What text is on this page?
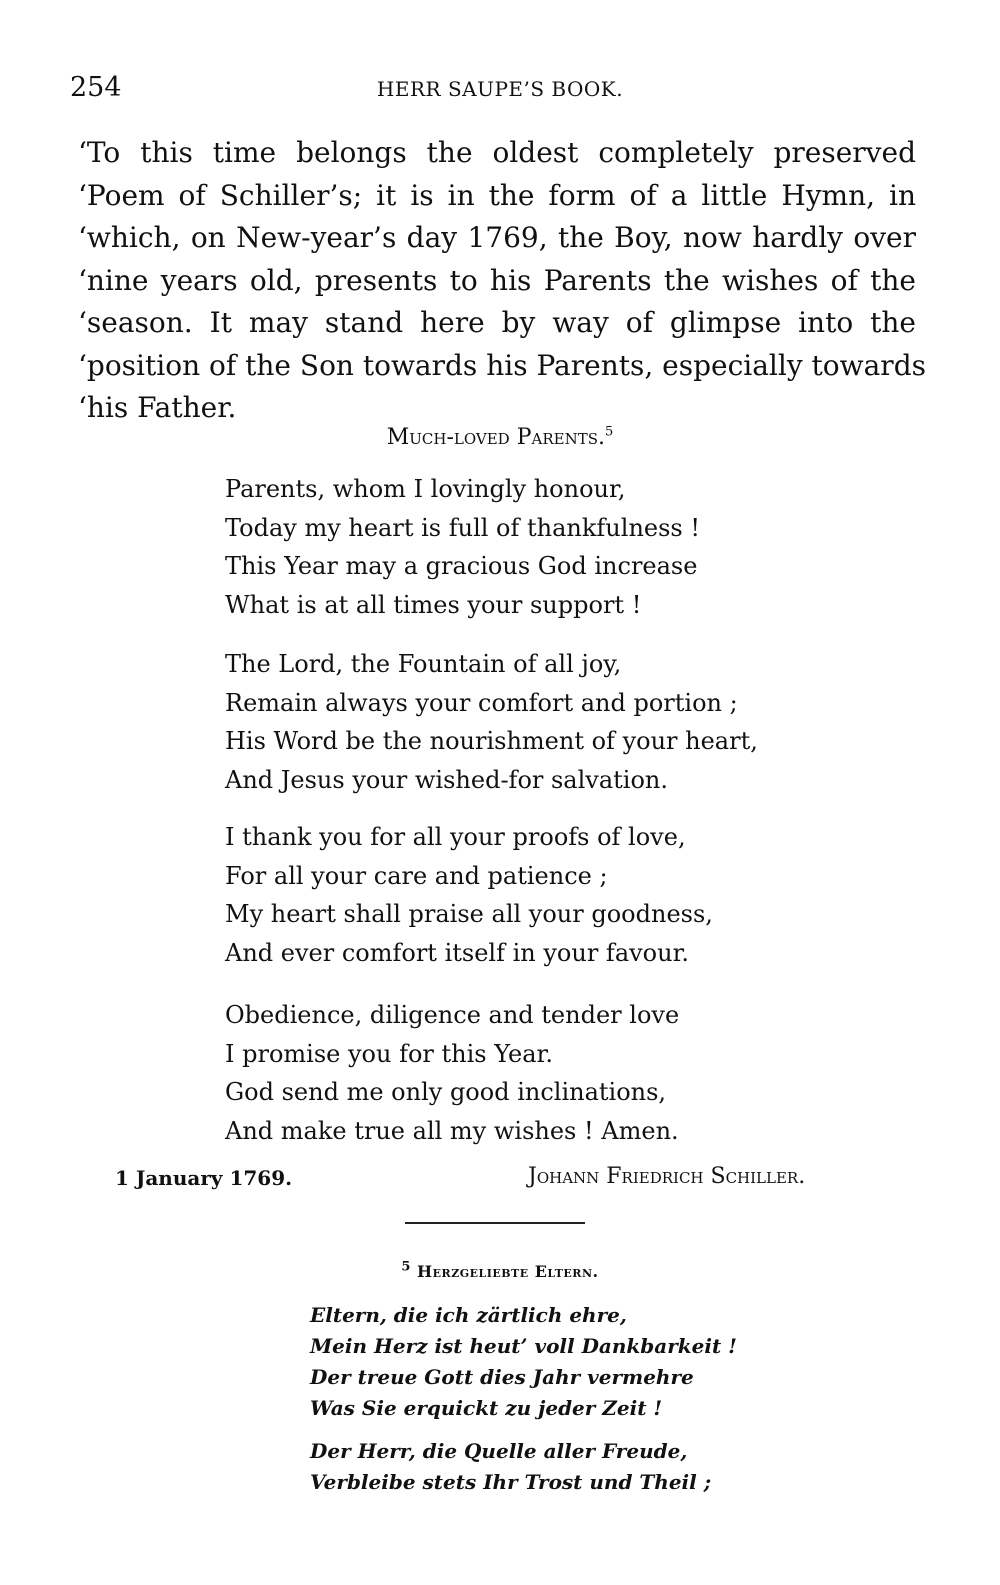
254	HERR SAUPE’S BOOK.
‘To this time belongs the oldest completely preserved
‘Poem of Schiller’s; it is in the form of a little Hymn, in
‘which, on New-year’s day 1769, the Boy, now hardly over
‘nine years old, presents to his Parents the wishes of the
‘season. It may stand here by way of glimpse into the
‘position of the Son towards his Parents, especially towards
‘his Father.
Much-loved Parents.$^5$
Parents, whom I lovingly honour,
Today my heart is full of thankfulness !
This Year may a gracious God increase
What is at all times your support !
The Lord, the Fountain of all joy,
Remain always your comfort and portion ;
His Word be the nourishment of your heart,
And Jesus your wished-for salvation.
I thank you for all your proofs of love,
For all your care and patience ;
My heart shall praise all your goodness,
And ever comfort itself in your favour.
Obedience, diligence and tender love
I promise you for this Year.
God send me only good inclinations,
And make true all my wishes ! Amen.
1 January 1769.	Johann Friedrich Schiller.
$^5$ Herzgeliebte Eltern.
Eltern, die ich zärtlich ehre,
Mein Herz ist heut’ voll Dankbarkeit !
Der treue Gott dies Jahr vermehre
Was Sie erquickt zu jeder Zeit !
Der Herr, die Quelle aller Freude,
Verbleibe stets Ihr Trost und Theil ;
